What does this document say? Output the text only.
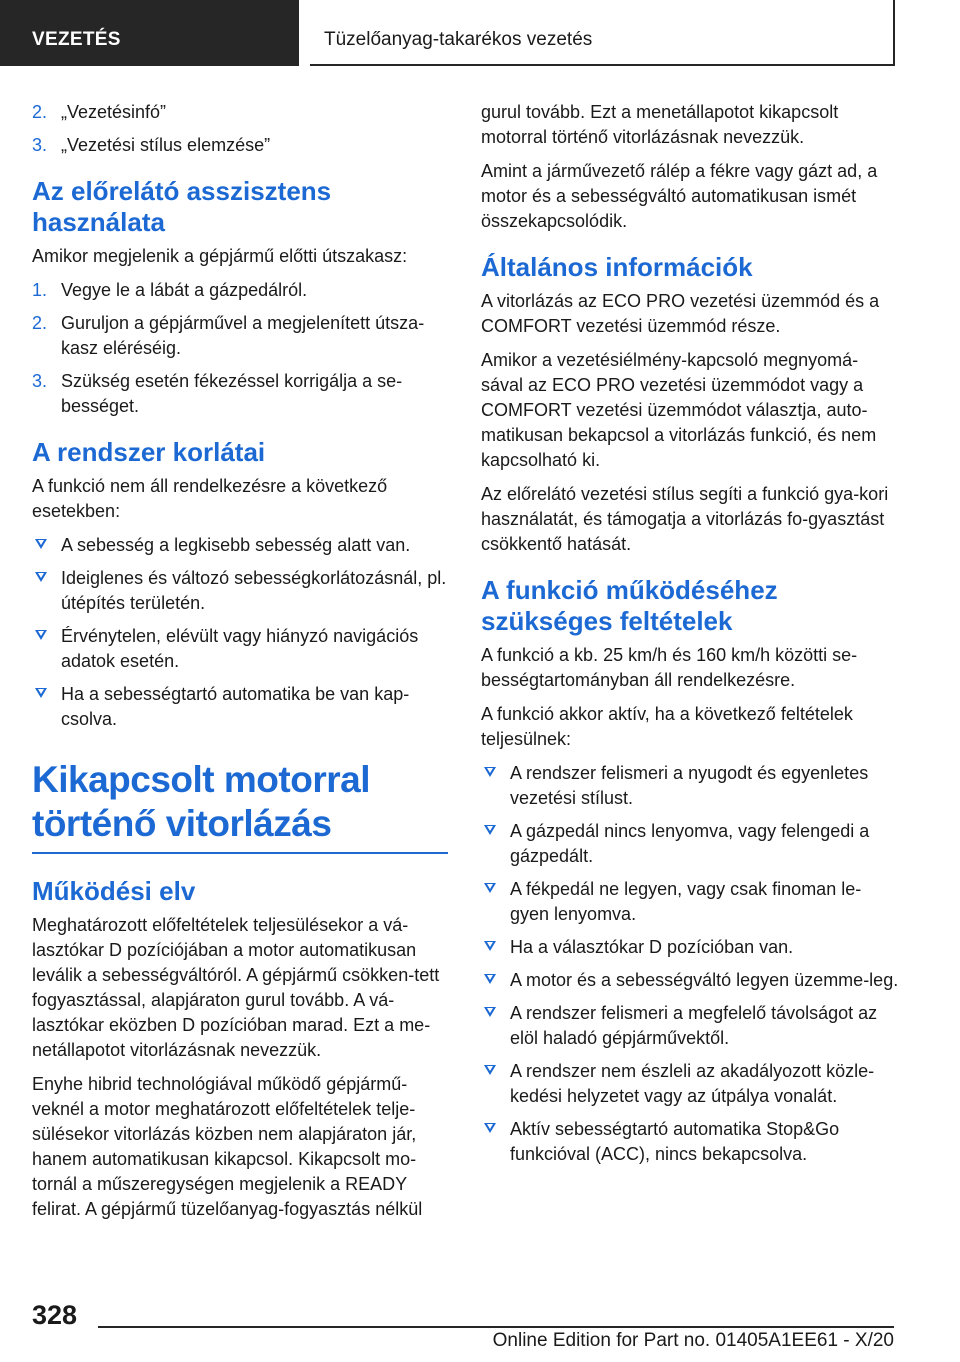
VEZETÉS	Tüzelőanyag-takarékos vezetés
2. „Vezetésinfó”
3. „Vezetési stílus elemzése”
Az előrelátó asszisztens használata

Amikor megjelenik a gépjármű előtti útszakasz:

1. Vegye le a lábát a gázpedálról.
2. Guruljon a gépjárművel a megjelenített útsza-kasz eléréséig.
3. Szükség esetén fékezéssel korrigálja a se-bességet.
A rendszer korlátai

A funkció nem áll rendelkezésre a következő esetekben:

A sebesség a legkisebb sebesség alatt van.
Ideiglenes és változó sebességkorlátozásnál, pl. útépítés területén.
Érvénytelen, elévült vagy hiányzó navigációs adatok esetén.
Ha a sebességtartó automatika be van kap-csolva.
Kikapcsolt motorral történő vitorlázás
Működési elv

Meghatározott előfeltételek teljesülésekor a vá-lasztókar D pozíciójában a motor automatikusan leválik a sebességváltóról. A gépjármű csökken-tett fogyasztással, alapjáraton gurul tovább. A vá-lasztókar eközben D pozícióban marad. Ezt a me-netállapotot vitorlázásnak nevezzük.

Enyhe hibrid technológiával működő gépjármű-veknél a motor meghatározott előfeltételek telje-sülésekor vitorlázás közben nem alapjáraton jár, hanem automatikusan kikapcsol. Kikapcsolt mo-tornál a műszeregységen megjelenik a READY felirat. A gépjármű tüzelőanyag-fogyasztás nélkül

gurul tovább. Ezt a menetállapotot kikapcsolt motorral történő vitorlázásnak nevezzük.

Amint a járművezető rálép a fékre vagy gázt ad, a motor és a sebességváltó automatikusan ismét összekapcsolódik.

Általános információk

A vitorlázás az ECO PRO vezetési üzemmód és a COMFORT vezetési üzemmód része.

Amikor a vezetésiélmény-kapcsoló megnyomá-sával az ECO PRO vezetési üzemmódot vagy a COMFORT vezetési üzemmódot választja, auto-matikusan bekapcsol a vitorlázás funkció, és nem kapcsolható ki.

Az előrelátó vezetési stílus segíti a funkció gya-kori használatát, és támogatja a vitorlázás fo-gyasztást csökkentő hatását.

A funkció működéséhez szükséges feltételek

A funkció a kb. 25 km/h és 160 km/h közötti se-bességtartományban áll rendelkezésre.

A funkció akkor aktív, ha a következő feltételek teljesülnek:

A rendszer felismeri a nyugodt és egyenletes vezetési stílust.
A gázpedál nincs lenyomva, vagy felengedi a gázpedált.
A fékpedál ne legyen, vagy csak finoman le-gyen lenyomva.
Ha a választókar D pozícióban van.
A motor és a sebességváltó legyen üzemme-leg.
A rendszer felismeri a megfelelő távolságot az elöl haladó gépjárművektől.
A rendszer nem észleli az akadályozott közle-kedési helyzetet vagy az útpálya vonalát.
Aktív sebességtartó automatika Stop&Go funkcióval (ACC), nincs bekapcsolva.
328
Online Edition for Part no. 01405A1EE61 - X/20
